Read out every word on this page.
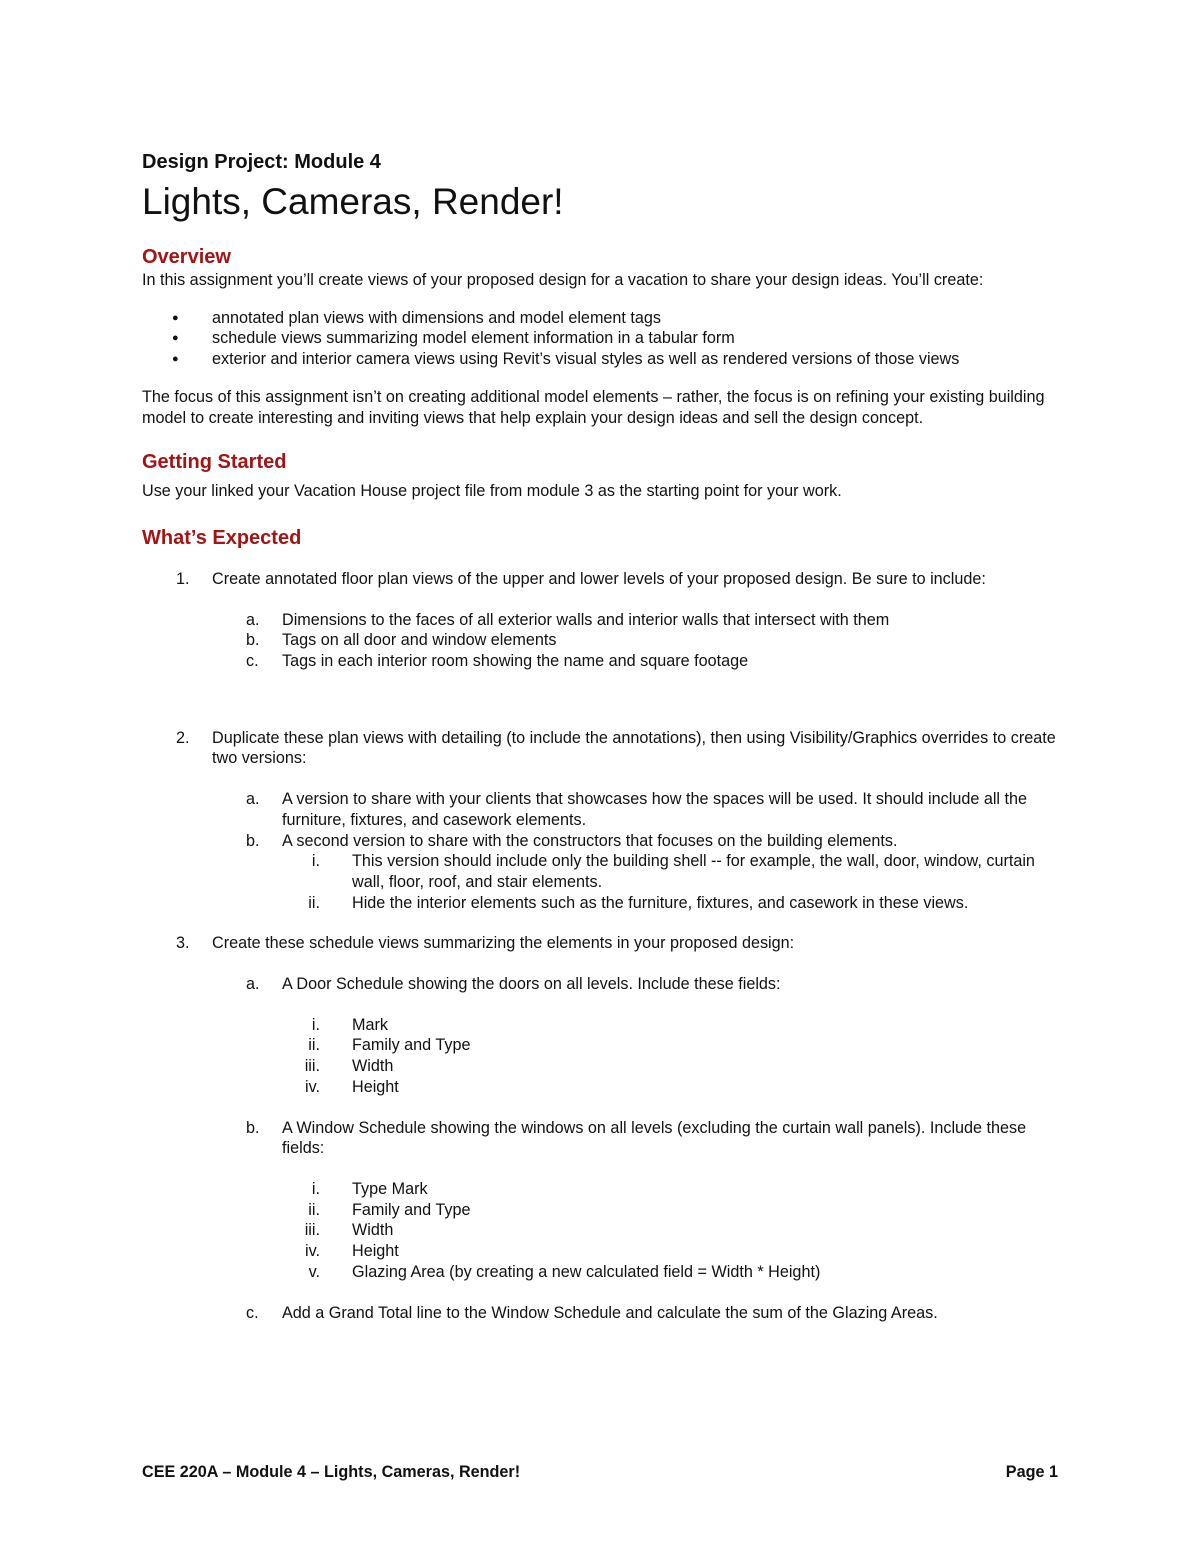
Design Project: Module 4
Lights, Cameras, Render!
Overview

In this assignment you’ll create views of your proposed design for a vacation to share your design ideas. You’ll create:

● annotated plan views with dimensions and model element tags
● schedule views summarizing model element information in a tabular form
● exterior and interior camera views using Revit’s visual styles as well as rendered versions of those views

The focus of this assignment isn’t on creating additional model elements – rather, the focus is on refining your existing building model to create interesting and inviting views that help explain your design ideas and sell the design concept.

Getting Started

Use your linked your Vacation House project file from module 3 as the starting point for your work.

What’s Expected
1. Create annotated floor plan views of the upper and lower levels of your proposed design. Be sure to include:
a. Dimensions to the faces of all exterior walls and interior walls that intersect with them
b. Tags on all door and window elements
c. Tags in each interior room showing the name and square footage
2. Duplicate these plan views with detailing (to include the annotations), then using Visibility/Graphics overrides to create two versions:
a. A version to share with your clients that showcases how the spaces will be used. It should include all the furniture, fixtures, and casework elements.
b. A second version to share with the constructors that focuses on the building elements.
i. This version should include only the building shell -- for example, the wall, door, window, curtain wall, floor, roof, and stair elements.
ii. Hide the interior elements such as the furniture, fixtures, and casework in these views.
3. Create these schedule views summarizing the elements in your proposed design:
a. A Door Schedule showing the doors on all levels. Include these fields:
i. Mark
ii. Family and Type
iii. Width
iv. Height
b. A Window Schedule showing the windows on all levels (excluding the curtain wall panels). Include these fields:
i. Type Mark
ii. Family and Type
iii. Width
iv. Height
v. Glazing Area (by creating a new calculated field = Width * Height)
c. Add a Grand Total line to the Window Schedule and calculate the sum of the Glazing Areas.
CEE 220A – Module 4 – Lights, Cameras, Render!	Page 1
